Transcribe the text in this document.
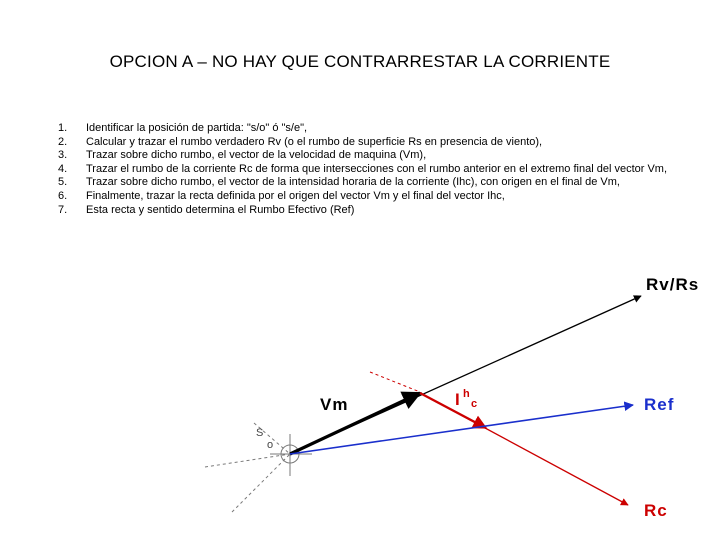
OPCION A – NO HAY QUE CONTRARRESTAR LA CORRIENTE
1.	Identificar la posición de partida: "s/o" ó "s/e",
2.	Calcular y trazar el rumbo verdadero Rv (o el rumbo de superficie Rs en presencia de viento),
3.	Trazar sobre dicho rumbo, el vector de la velocidad de maquina (Vm),
4.	Trazar el rumbo de la corriente Rc de forma que intersecciones con el rumbo anterior en el extremo final del vector Vm,
5.	Trazar sobre dicho rumbo, el vector de la intensidad horaria de la corriente (Ihc), con origen en el final de Vm,
6.	Finalmente, trazar la recta definida por el origen del vector Vm y el final del vector Ihc,
7.	Esta recta y sentido determina el Rumbo Efectivo (Ref)
Rv/Rs
Vm	I h
c	Ref
Rc
S
o
